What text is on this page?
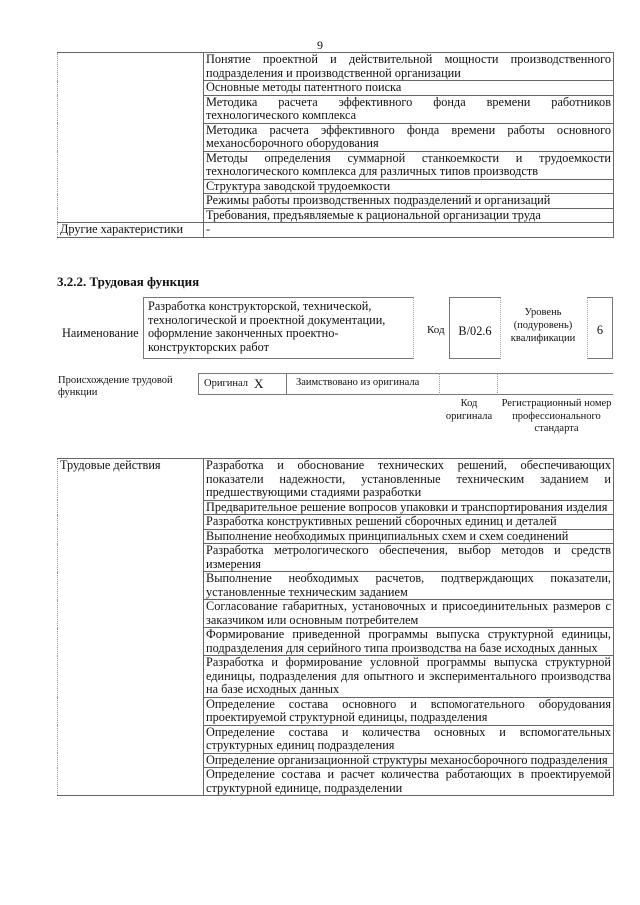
9
	Понятие проектной и действительной мощности производственного подразделения и производственной организации
	Основные методы патентного поиска
	Методика расчета эффективного фонда времени работников технологического комплекса
	Методика расчета эффективного фонда времени работы основного механосборочного оборудования
	Методы определения суммарной станкоемкости и трудоемкости технологического комплекса для различных типов производств
	Структура заводской трудоемкости
	Режимы работы производственных подразделений и организаций
	Требования, предъявляемые к рациональной организации труда
Другие характеристики	-
3.2.2. Трудовая функция
Наименование
Разработка конструкторской, технической, технологической и проектной документации, оформление законченных проектно-конструкторских работ
Код	B/02.6
Уровень (подуровень) квалификации
6
Происхождение трудовой функции
Оригинал X	Заимствовано из оригинала
Код оригинала
Регистрационный номер профессионального стандарта
Трудовые действия	Разработка и обоснование технических решений, обеспечивающих показатели надежности, установленные техническим заданием и предшествующими стадиями разработки
Предварительное решение вопросов упаковки и транспортирования изделия
Разработка конструктивных решений сборочных единиц и деталей
Выполнение необходимых принципиальных схем и схем соединений
Разработка метрологического обеспечения, выбор методов и средств измерения
Выполнение необходимых расчетов, подтверждающих показатели, установленные техническим заданием
Согласование габаритных, установочных и присоединительных размеров с заказчиком или основным потребителем
Формирование приведенной программы выпуска структурной единицы, подразделения для серийного типа производства на базе исходных данных
Разработка и формирование условной программы выпуска структурной единицы, подразделения для опытного и экспериментального производства на базе исходных данных
Определение состава основного и вспомогательного оборудования проектируемой структурной единицы, подразделения
Определение состава и количества основных и вспомогательных структурных единиц подразделения
Определение организационной структуры механосборочного подразделения
Определение состава и расчет количества работающих в проектируемой структурной единице, подразделении
